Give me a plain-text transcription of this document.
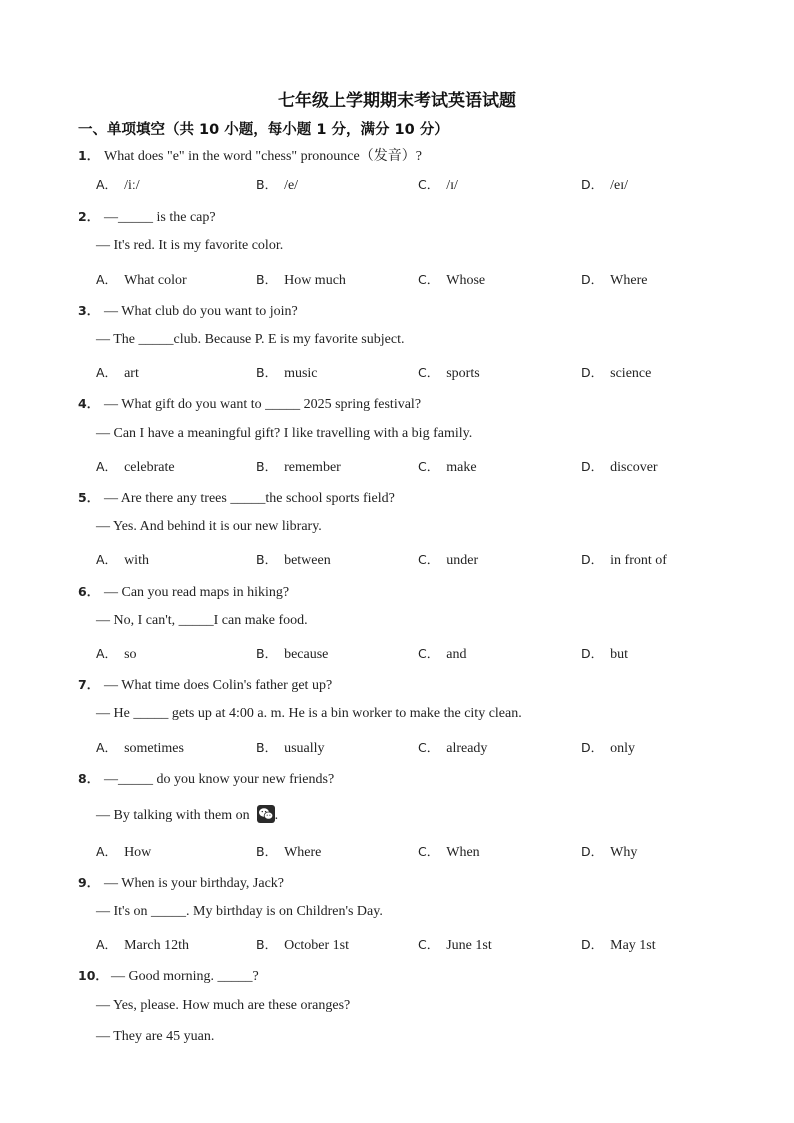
七年级上学期期末考试英语试题
一、单项填空（共 10 小题，每小题 1 分，满分 10 分）
1． What does "e" in the word "chess" pronounce（发音）?
A． /iː/	B． /e/	C． /ɪ/	D． /eɪ/
2． —_____ is the cap?
— It's red. It is my favorite color.
A． What color	B． How much	C． Whose	D． Where
3． — What club do you want to join?
— The _____club. Because P. E is my favorite subject.
A． art	B． music	C． sports	D． science
4． — What gift do you want to _____ 2025 spring festival?
— Can I have a meaningful gift? I like travelling with a big family.
A． celebrate	B． remember	C． make	D． discover
5． — Are there any trees _____the school sports field?
— Yes. And behind it is our new library.
A． with	B． between	C． under	D． in front of
6． — Can you read maps in hiking?
— No, I can't, _____I can make food.
A． so	B． because	C． and	D． but
7． — What time does Colin's father get up?
— He _____ gets up at 4:00 a. m. He is a bin worker to make the city clean.
A． sometimes	B． usually	C． already	D． only
8． —_____ do you know your new friends?
— By talking with them on .
A． How	B． Where	C． When	D． Why
9． — When is your birthday, Jack?
— It's on _____. My birthday is on Children's Day.
A． March 12th	B． October 1st	C． June 1st	D． May 1st
10． — Good morning. _____?
— Yes, please. How much are these oranges?
— They are 45 yuan.
